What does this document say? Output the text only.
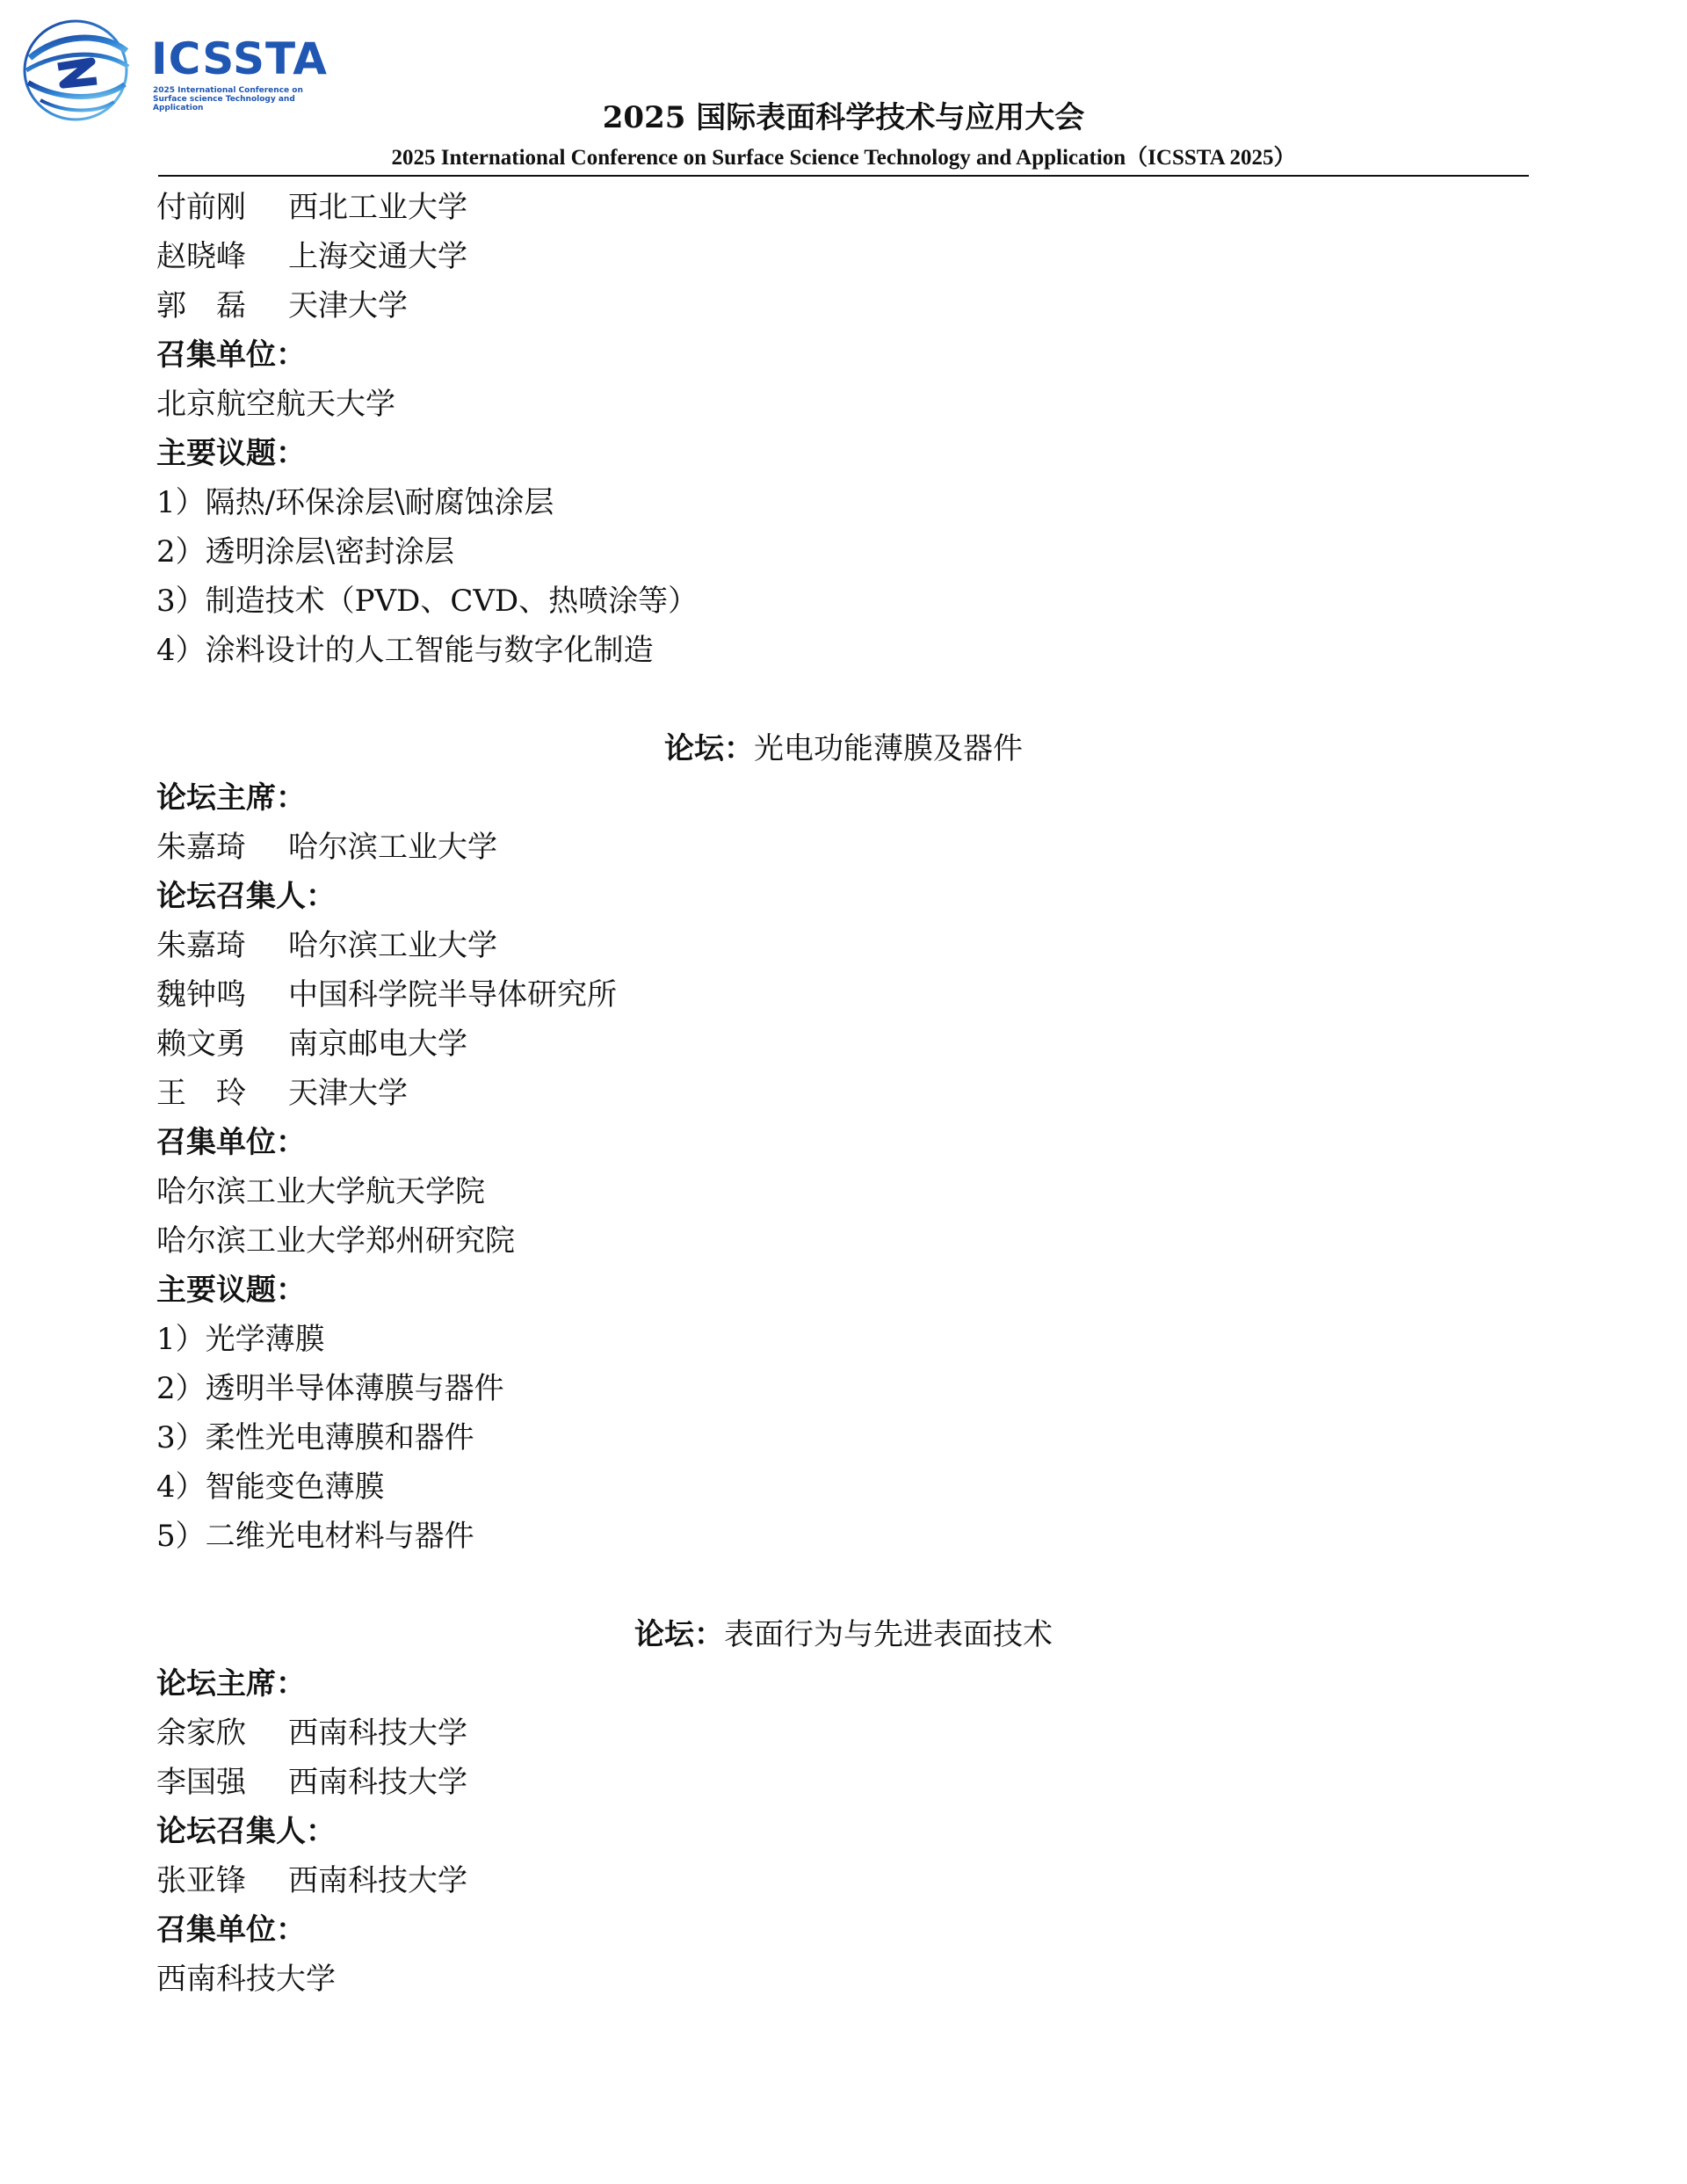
ICSSTA
2025 International Conference on Surface science Technology and Application	2025 国际表面科学技术与应用大会
2025 International Conference on Surface Science Technology and Application（ICSSTA 2025）
付前刚 西北工业大学
赵晓峰 上海交通大学
郭　磊 天津大学
召集单位：
北京航空航天大学
主要议题：
1）隔热/环保涂层\耐腐蚀涂层
2）透明涂层\密封涂层
3）制造技术（PVD、CVD、热喷涂等）
4）涂料设计的人工智能与数字化制造
论坛：光电功能薄膜及器件
论坛主席：
朱嘉琦 哈尔滨工业大学
论坛召集人：
朱嘉琦 哈尔滨工业大学
魏钟鸣 中国科学院半导体研究所
赖文勇 南京邮电大学
王　玲 天津大学
召集单位：
哈尔滨工业大学航天学院
哈尔滨工业大学郑州研究院
主要议题：
1）光学薄膜
2）透明半导体薄膜与器件
3）柔性光电薄膜和器件
4）智能变色薄膜
5）二维光电材料与器件
论坛：表面行为与先进表面技术
论坛主席：
余家欣 西南科技大学
李国强 西南科技大学
论坛召集人：
张亚锋 西南科技大学
召集单位：
西南科技大学
